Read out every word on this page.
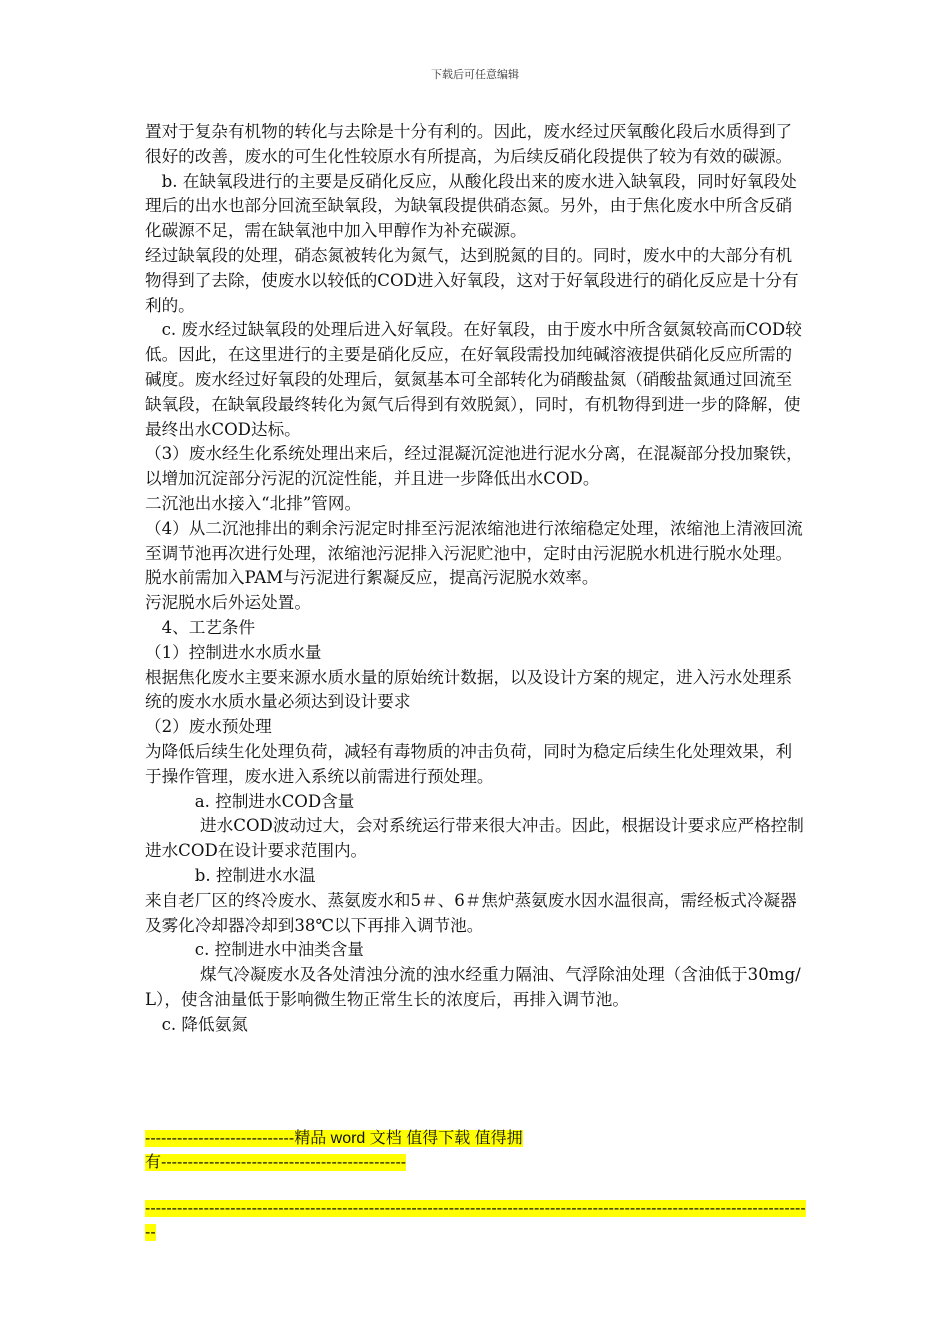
下载后可任意编辑

置对于复杂有机物的转化与去除是十分有利的。因此，废水经过厌氧酸化段后水质得到了很好的改善，废水的可生化性较原水有所提高，为后续反硝化段提供了较为有效的碳源。

　b. 在缺氧段进行的主要是反硝化反应，从酸化段出来的废水进入缺氧段，同时好氧段处理后的出水也部分回流至缺氧段，为缺氧段提供硝态氮。另外，由于焦化废水中所含反硝化碳源不足，需在缺氧池中加入甲醇作为补充碳源。

经过缺氧段的处理，硝态氮被转化为氮气，达到脱氮的目的。同时，废水中的大部分有机物得到了去除，使废水以较低的COD进入好氧段，这对于好氧段进行的硝化反应是十分有利的。

　c. 废水经过缺氧段的处理后进入好氧段。在好氧段，由于废水中所含氨氮较高而COD较低。因此，在这里进行的主要是硝化反应，在好氧段需投加纯碱溶液提供硝化反应所需的碱度。废水经过好氧段的处理后，氨氮基本可全部转化为硝酸盐氮（硝酸盐氮通过回流至缺氧段，在缺氧段最终转化为氮气后得到有效脱氮），同时，有机物得到进一步的降解，使最终出水COD达标。

（3）废水经生化系统处理出来后，经过混凝沉淀池进行泥水分离，在混凝部分投加聚铁，以增加沉淀部分污泥的沉淀性能，并且进一步降低出水COD。

二沉池出水接入“北排”管网。

（4）从二沉池排出的剩余污泥定时排至污泥浓缩池进行浓缩稳定处理，浓缩池上清液回流至调节池再次进行处理，浓缩池污泥排入污泥贮池中，定时由污泥脱水机进行脱水处理。脱水前需加入PAM与污泥进行絮凝反应，提高污泥脱水效率。

污泥脱水后外运处置。

　4、工艺条件

（1）控制进水水质水量

根据焦化废水主要来源水质水量的原始统计数据，以及设计方案的规定，进入污水处理系统的废水水质水量必须达到设计要求

（2）废水预处理

为降低后续生化处理负荷，减轻有毒物质的冲击负荷，同时为稳定后续生化处理效果，利于操作管理，废水进入系统以前需进行预处理。

　　　a. 控制进水COD含量

　　　 进水COD波动过大，会对系统运行带来很大冲击。因此，根据设计要求应严格控制进水COD在设计要求范围内。

　　　b. 控制进水水温

来自老厂区的终冷废水、蒸氨废水和5＃、6＃焦炉蒸氨废水因水温很高，需经板式冷凝器及雾化冷却器冷却到38℃以下再排入调节池。

　　　c. 控制进水中油类含量

　　　 煤气冷凝废水及各处清浊分流的浊水经重力隔油、气浮除油处理（含油低于30mg/L），使含油量低于影响微生物正常生长的浓度后，再排入调节池。

　c. 降低氨氮

----------------------------精品 word 文档 值得下载 值得拥

有----------------------------------------------

------------------------------------------------------------------------------------------------------------------------------
